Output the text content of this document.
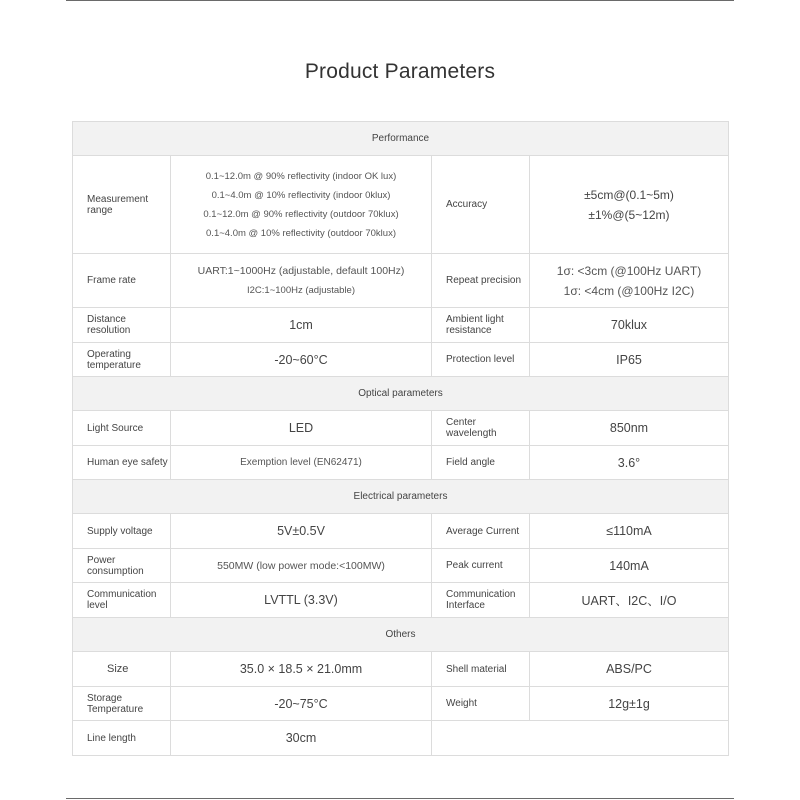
Product Parameters
Performance			
Measurement range	0.1~12.0m @ 90% reflectivity (indoor OK lux)
0.1~4.0m @ 10% reflectivity (indoor 0klux)
0.1~12.0m @ 90% reflectivity (outdoor 70klux)
0.1~4.0m @ 10% reflectivity (outdoor 70klux)	Accuracy	±5cm@(0.1~5m)
±1%@(5~12m)

Frame rate	UART:1~1000Hz (adjustable, default 100Hz)
I2C:1~100Hz (adjustable)	Repeat precision	1σ: <3cm (@100Hz UART)
1σ: <4cm (@100Hz I2C)

Distance resolution	1cm	Ambient light resistance	70klux
Operating temperature	-20~60°C	Protection level	IP65
Optical parameters			
Light Source	LED	Center wavelength	850nm
Human eye safety	Exemption level (EN62471)	Field angle	3.6°
Electrical parameters			
Supply voltage	5V±0.5V	Average Current	≤110mA
Power consumption	550MW (low power mode:<100MW)	Peak current	140mA
Communication level	LVTTL (3.3V)	Communication Interface	UART、I2C、I/O
Others			
Size	35.0 × 18.5 × 21.0mm	Shell material	ABS/PC
Storage Temperature	-20~75°C	Weight	12g±1g
Line length	30cm		
